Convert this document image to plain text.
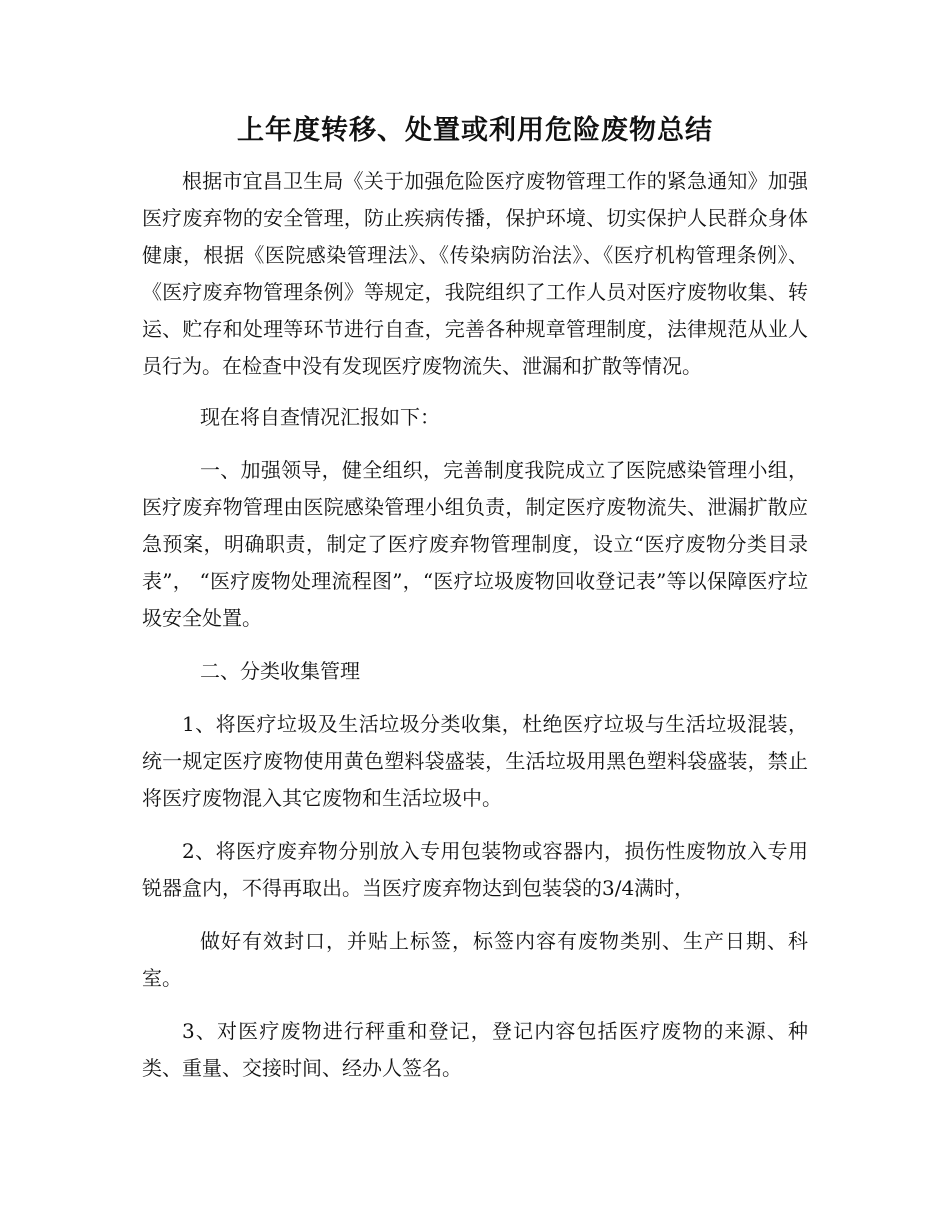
上年度转移、处置或利用危险废物总结

根据市宜昌卫生局《关于加强危险医疗废物管理工作的紧急通知》加强医疗废弃物的安全管理，防止疾病传播，保护环境、切实保护人民群众身体健康，根据《医院感染管理法》、《传染病防治法》、《医疗机构管理条例》、《医疗废弃物管理条例》等规定，我院组织了工作人员对医疗废物收集、转运、贮存和处理等环节进行自查，完善各种规章管理制度，法律规范从业人员行为。在检查中没有发现医疗废物流失、泄漏和扩散等情况。

现在将自查情况汇报如下：

一、加强领导，健全组织，完善制度我院成立了医院感染管理小组，医疗废弃物管理由医院感染管理小组负责，制定医疗废物流失、泄漏扩散应急预案，明确职责，制定了医疗废弃物管理制度，设立“医疗废物分类目录表”， “医疗废物处理流程图”，“医疗垃圾废物回收登记表”等以保障医疗垃圾安全处置。

二、分类收集管理

1、将医疗垃圾及生活垃圾分类收集，杜绝医疗垃圾与生活垃圾混装，统一规定医疗废物使用黄色塑料袋盛装，生活垃圾用黑色塑料袋盛装，禁止将医疗废物混入其它废物和生活垃圾中。

2、将医疗废弃物分别放入专用包装物或容器内，损伤性废物放入专用锐器盒内，不得再取出。当医疗废弃物达到包装袋的3/4满时，

做好有效封口，并贴上标签，标签内容有废物类别、生产日期、科室。

3、对医疗废物进行秤重和登记，登记内容包括医疗废物的来源、种类、重量、交接时间、经办人签名。
